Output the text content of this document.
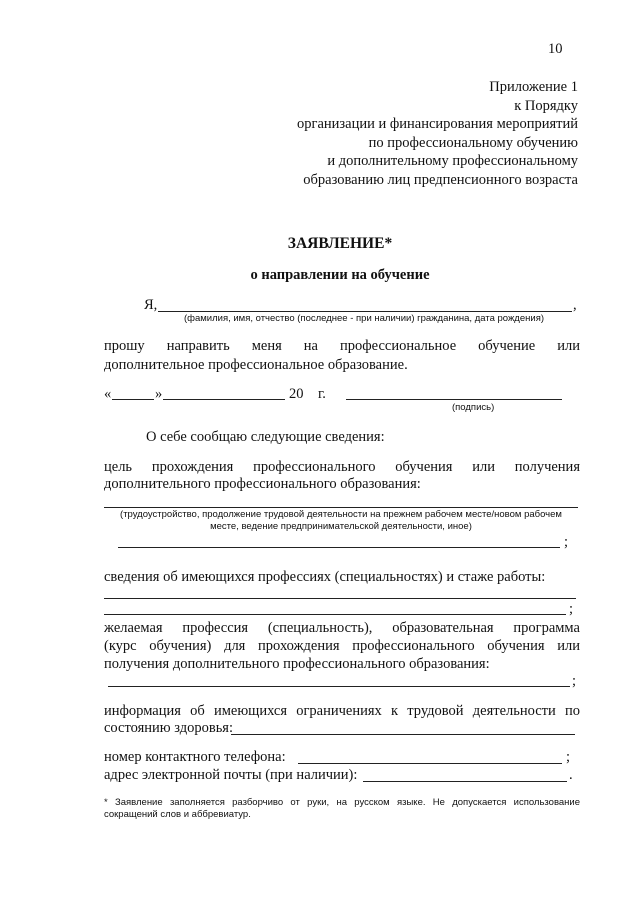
10
Приложение 1
к Порядку
организации и финансирования мероприятий
по профессиональному обучению
и дополнительному профессиональному
образованию лиц предпенсионного возраста
ЗАЯВЛЕНИЕ*
о направлении на обучение
Я,	,
(фамилия, имя, отчество (последнее - при наличии) гражданина, дата рождения)
прошу направить меня на профессиональное обучение или
дополнительное профессиональное образование.
«	»	20 г.
(подпись)
О себе сообщаю следующие сведения:
цель прохождения профессионального обучения или получения
дополнительного профессионального образования:
(трудоустройство, продолжение трудовой деятельности на прежнем рабочем месте/новом рабочем
месте, ведение предпринимательской деятельности, иное)
;
сведения об имеющихся профессиях (специальностях) и стаже работы:
;
желаемая профессия (специальность), образовательная программа
(курс обучения) для прохождения профессионального обучения или
получения дополнительного профессионального образования:
;
информация об имеющихся ограничениях к трудовой деятельности по
состоянию здоровья:
номер контактного телефона:	;
адрес электронной почты (при наличии):	.
* Заявление заполняется разборчиво от руки, на русском языке. Не допускается использование
сокращений слов и аббревиатур.
